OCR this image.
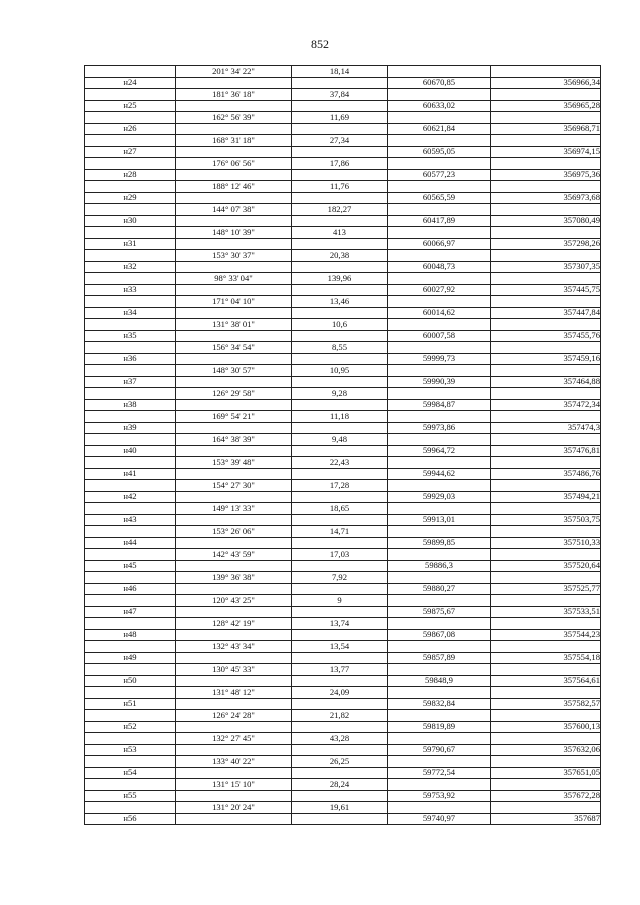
852
	201° 34' 22"	18,14		
н24			60670,85	356966,34
	181° 36' 18"	37,84		
н25			60633,02	356965,28
	162° 56' 39"	11,69		
н26			60621,84	356968,71
	168° 31' 18"	27,34		
н27			60595,05	356974,15
	176° 06' 56"	17,86		
н28			60577,23	356975,36
	188° 12' 46"	11,76		
н29			60565,59	356973,68
	144° 07' 38"	182,27		
н30			60417,89	357080,49
	148° 10' 39"	413		
н31			60066,97	357298,26
	153° 30' 37"	20,38		
н32			60048,73	357307,35
	98° 33' 04"	139,96		
н33			60027,92	357445,75
	171° 04' 10"	13,46		
н34			60014,62	357447,84
	131° 38' 01"	10,6		
н35			60007,58	357455,76
	156° 34' 54"	8,55		
н36			59999,73	357459,16
	148° 30' 57"	10,95		
н37			59990,39	357464,88
	126° 29' 58"	9,28		
н38			59984,87	357472,34
	169° 54' 21"	11,18		
н39			59973,86	357474,3
	164° 38' 39"	9,48		
н40			59964,72	357476,81
	153° 39' 48"	22,43		
н41			59944,62	357486,76
	154° 27' 30"	17,28		
н42			59929,03	357494,21
	149° 13' 33"	18,65		
н43			59913,01	357503,75
	153° 26' 06"	14,71		
н44			59899,85	357510,33
	142° 43' 59"	17,03		
н45			59886,3	357520,64
	139° 36' 38"	7,92		
н46			59880,27	357525,77
	120° 43' 25"	9		
н47			59875,67	357533,51
	128° 42' 19"	13,74		
н48			59867,08	357544,23
	132° 43' 34"	13,54		
н49			59857,89	357554,18
	130° 45' 33"	13,77		
н50			59848,9	357564,61
	131° 48' 12"	24,09		
н51			59832,84	357582,57
	126° 24' 28"	21,82		
н52			59819,89	357600,13
	132° 27' 45"	43,28		
н53			59790,67	357632,06
	133° 40' 22"	26,25		
н54			59772,54	357651,05
	131° 15' 10"	28,24		
н55			59753,92	357672,28
	131° 20' 24"	19,61		
н56			59740,97	357687
